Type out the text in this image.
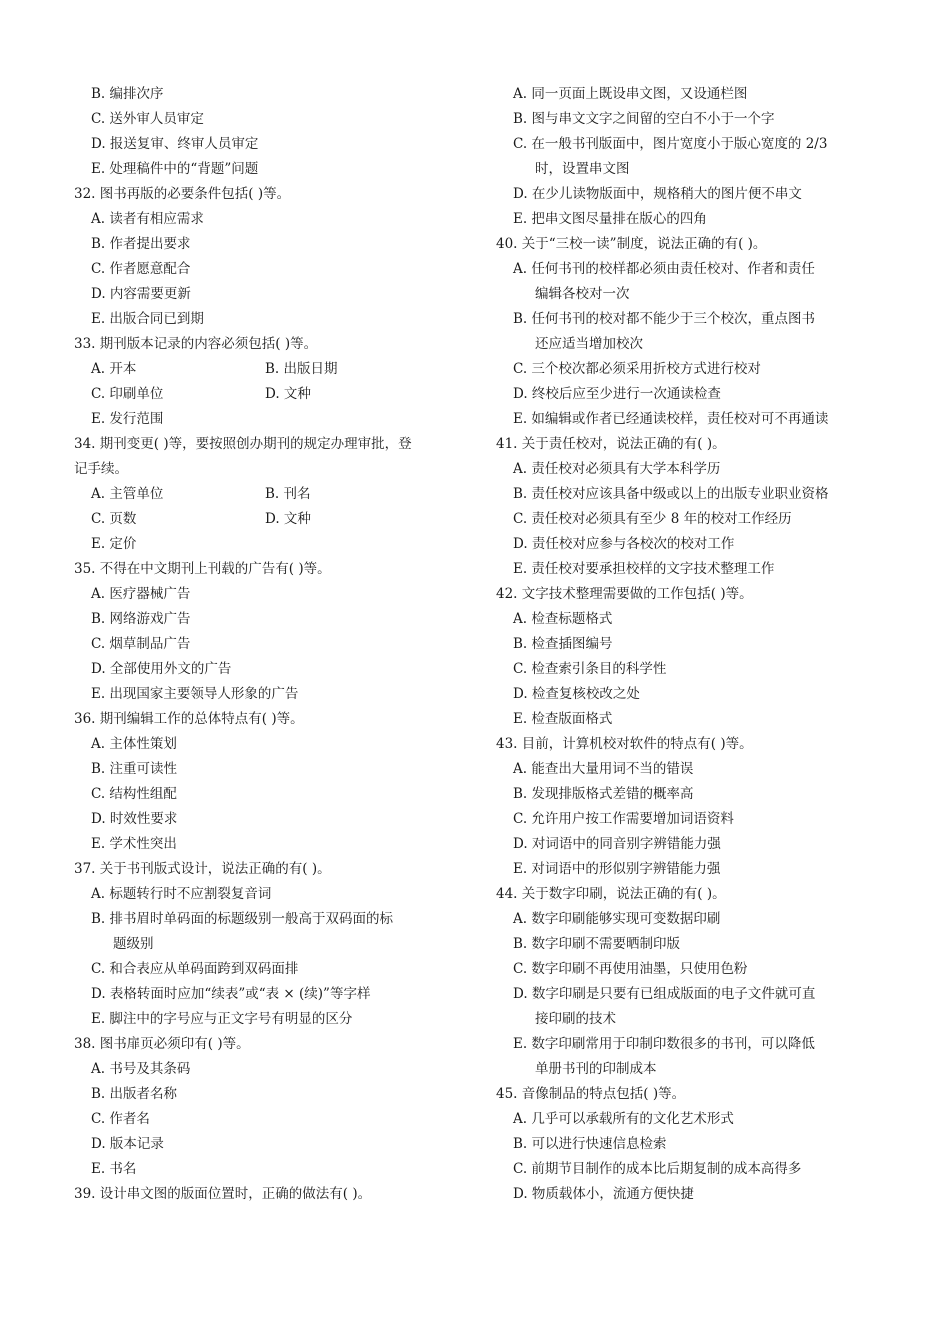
B. 编排次序
C. 送外审人员审定
D. 报送复审、终审人员审定
E. 处理稿件中的“背题”问题
32. 图书再版的必要条件包括( )等。
A. 读者有相应需求
B. 作者提出要求
C. 作者愿意配合
D. 内容需要更新
E. 出版合同已到期
33. 期刊版本记录的内容必须包括( )等。
A. 开本	B. 出版日期
C. 印刷单位	D. 文种
E. 发行范围
34. 期刊变更( )等，要按照创办期刊的规定办理审批，登
记手续。
A. 主管单位	B. 刊名
C. 页数	D. 文种
E. 定价
35. 不得在中文期刊上刊载的广告有( )等。
A. 医疗器械广告
B. 网络游戏广告
C. 烟草制品广告
D. 全部使用外文的广告
E. 出现国家主要领导人形象的广告
36. 期刊编辑工作的总体特点有( )等。
A. 主体性策划
B. 注重可读性
C. 结构性组配
D. 时效性要求
E. 学术性突出
37. 关于书刊版式设计，说法正确的有( )。
A. 标题转行时不应割裂复音词
B. 排书眉时单码面的标题级别一般高于双码面的标
题级别
C. 和合表应从单码面跨到双码面排
D. 表格转面时应加“续表”或“表 × (续)”等字样
E. 脚注中的字号应与正文字号有明显的区分
38. 图书扉页必须印有( )等。
A. 书号及其条码
B. 出版者名称
C. 作者名
D. 版本记录
E. 书名
39. 设计串文图的版面位置时，正确的做法有( )。
A. 同一页面上既设串文图，又设通栏图
B. 图与串文文字之间留的空白不小于一个字
C. 在一般书刊版面中，图片宽度小于版心宽度的 2/3
时，设置串文图
D. 在少儿读物版面中，规格稍大的图片便不串文
E. 把串文图尽量排在版心的四角
40. 关于“三校一读”制度，说法正确的有( )。
A. 任何书刊的校样都必须由责任校对、作者和责任
编辑各校对一次
B. 任何书刊的校对都不能少于三个校次，重点图书
还应适当增加校次
C. 三个校次都必须采用折校方式进行校对
D. 终校后应至少进行一次通读检查
E. 如编辑或作者已经通读校样，责任校对可不再通读
41. 关于责任校对，说法正确的有( )。
A. 责任校对必须具有大学本科学历
B. 责任校对应该具备中级或以上的出版专业职业资格
C. 责任校对必须具有至少 8 年的校对工作经历
D. 责任校对应参与各校次的校对工作
E. 责任校对要承担校样的文字技术整理工作
42. 文字技术整理需要做的工作包括( )等。
A. 检查标题格式
B. 检查插图编号
C. 检查索引条目的科学性
D. 检查复核校改之处
E. 检查版面格式
43. 目前，计算机校对软件的特点有( )等。
A. 能查出大量用词不当的错误
B. 发现排版格式差错的概率高
C. 允许用户按工作需要增加词语资料
D. 对词语中的同音别字辨错能力强
E. 对词语中的形似别字辨错能力强
44. 关于数字印刷，说法正确的有( )。
A. 数字印刷能够实现可变数据印刷
B. 数字印刷不需要晒制印版
C. 数字印刷不再使用油墨，只使用色粉
D. 数字印刷是只要有已组成版面的电子文件就可直
接印刷的技术
E. 数字印刷常用于印制印数很多的书刊，可以降低
单册书刊的印制成本
45. 音像制品的特点包括( )等。
A. 几乎可以承载所有的文化艺术形式
B. 可以进行快速信息检索
C. 前期节目制作的成本比后期复制的成本高得多
D. 物质载体小，流通方便快捷
